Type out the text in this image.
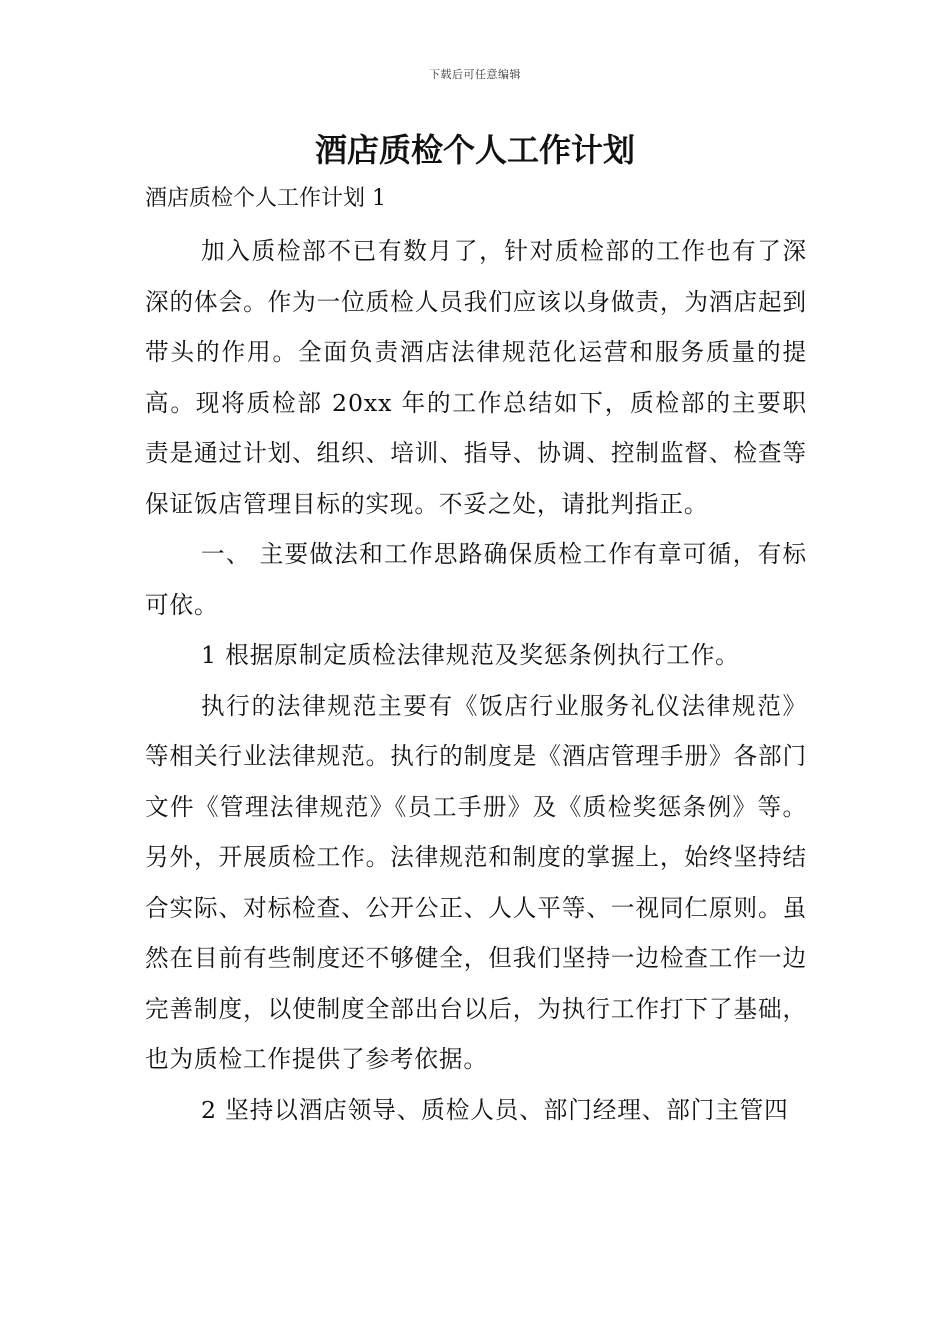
下载后可任意编辑
酒店质检个人工作计划
酒店质检个人工作计划 1

加入质检部不已有数月了，针对质检部的工作也有了深深的体会。作为一位质检人员我们应该以身做责，为酒店起到带头的作用。全面负责酒店法律规范化运营和服务质量的提高。现将质检部 20xx 年的工作总结如下，质检部的主要职责是通过计划、组织、培训、指导、协调、控制监督、检查等保证饭店管理目标的实现。不妥之处，请批判指正。

一、 主要做法和工作思路确保质检工作有章可循，有标可依。

1 根据原制定质检法律规范及奖惩条例执行工作。

执行的法律规范主要有《饭店行业服务礼仪法律规范》等相关行业法律规范。执行的制度是《酒店管理手册》各部门文件《管理法律规范》《员工手册》及《质检奖惩条例》等。另外，开展质检工作。法律规范和制度的掌握上，始终坚持结合实际、对标检查、公开公正、人人平等、一视同仁原则。虽然在目前有些制度还不够健全，但我们坚持一边检查工作一边完善制度，以使制度全部出台以后，为执行工作打下了基础，也为质检工作提供了参考依据。

2 坚持以酒店领导、质检人员、部门经理、部门主管四
